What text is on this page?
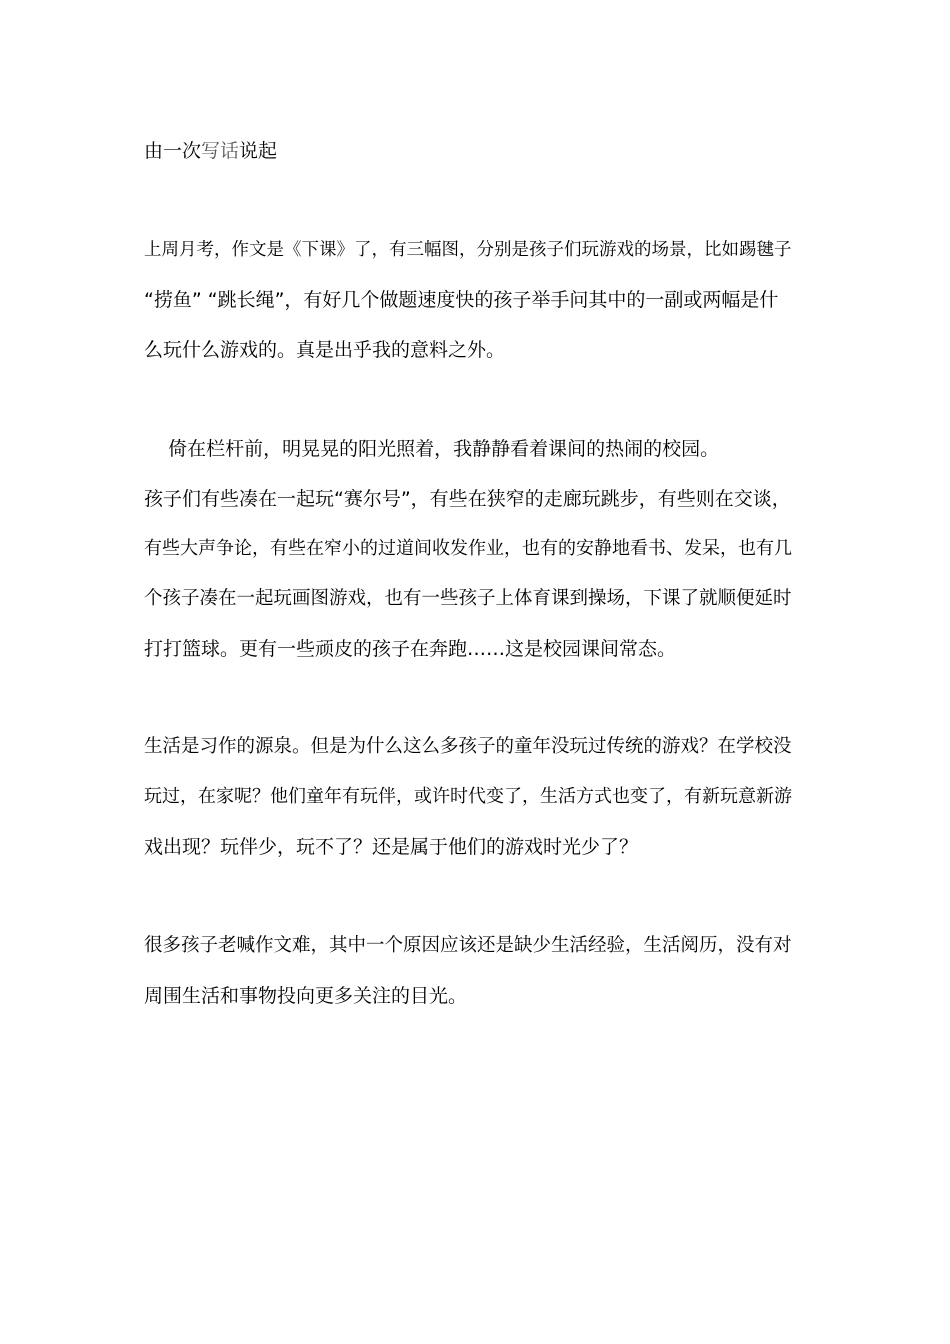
由一次写话说起
上周月考，作文是《下课》了，有三幅图，分别是孩子们玩游戏的场景，比如踢毽子
“捞鱼” “跳长绳”，有好几个做题速度快的孩子举手问其中的一副或两幅是什
么玩什么游戏的。真是出乎我的意料之外。
倚在栏杆前，明晃晃的阳光照着，我静静看着课间的热闹的校园。
孩子们有些凑在一起玩“赛尔号”，有些在狭窄的走廊玩跳步，有些则在交谈，
有些大声争论，有些在窄小的过道间收发作业，也有的安静地看书、发呆，也有几
个孩子凑在一起玩画图游戏，也有一些孩子上体育课到操场，下课了就顺便延时
打打篮球。更有一些顽皮的孩子在奔跑……这是校园课间常态。
生活是习作的源泉。但是为什么这么多孩子的童年没玩过传统的游戏？在学校没
玩过，在家呢？他们童年有玩伴，或许时代变了，生活方式也变了，有新玩意新游
戏出现？玩伴少，玩不了？还是属于他们的游戏时光少了？
很多孩子老喊作文难，其中一个原因应该还是缺少生活经验，生活阅历，没有对
周围生活和事物投向更多关注的目光。
